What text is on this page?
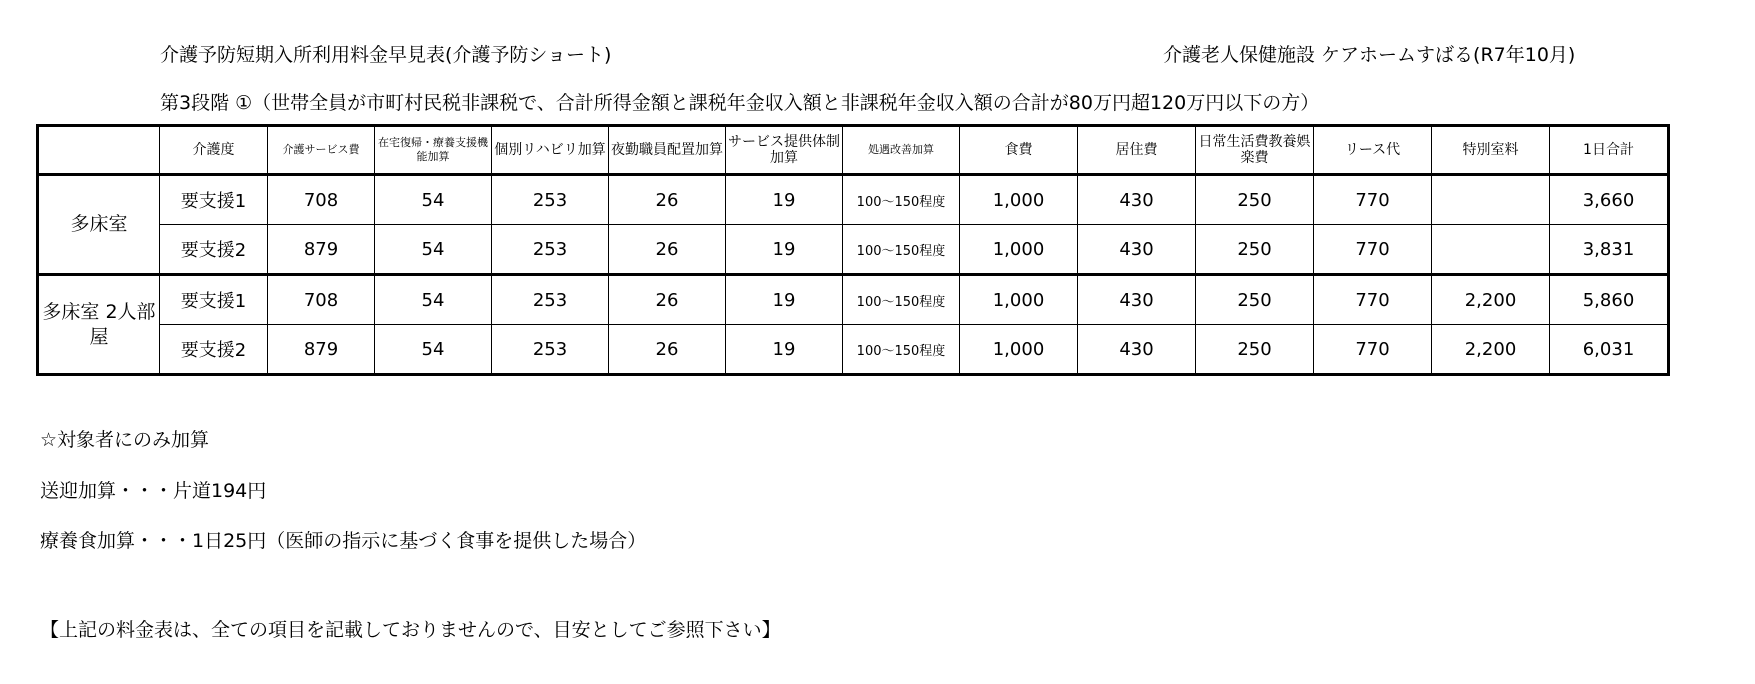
介護予防短期入所利用料金早見表(介護予防ショート)	介護老人保健施設 ケアホームすばる(R7年10月)
第3段階 ①（世帯全員が市町村民税非課税で、合計所得金額と課税年金収入額と非課税年金収入額の合計が80万円超120万円以下の方）
	介護度	介護サービス費	在宅復帰・療養支援機能加算	個別リハビリ加算	夜勤職員配置加算	サービス提供体制加算	処遇改善加算	食費	居住費	日常生活費教養娯楽費	リース代	特別室料	1日合計
多床室	要支援1	708	54	253	26	19	100～150程度	1,000	430	250	770		3,660
	要支援2	879	54	253	26	19	100～150程度	1,000	430	250	770		3,831
多床室 2人部屋	要支援1	708	54	253	26	19	100～150程度	1,000	430	250	770	2,200	5,860
	要支援2	879	54	253	26	19	100～150程度	1,000	430	250	770	2,200	6,031
☆対象者にのみ加算
送迎加算・・・片道194円
療養食加算・・・1日25円（医師の指示に基づく食事を提供した場合）
【上記の料金表は、全ての項目を記載しておりませんので、目安としてご参照下さい】
